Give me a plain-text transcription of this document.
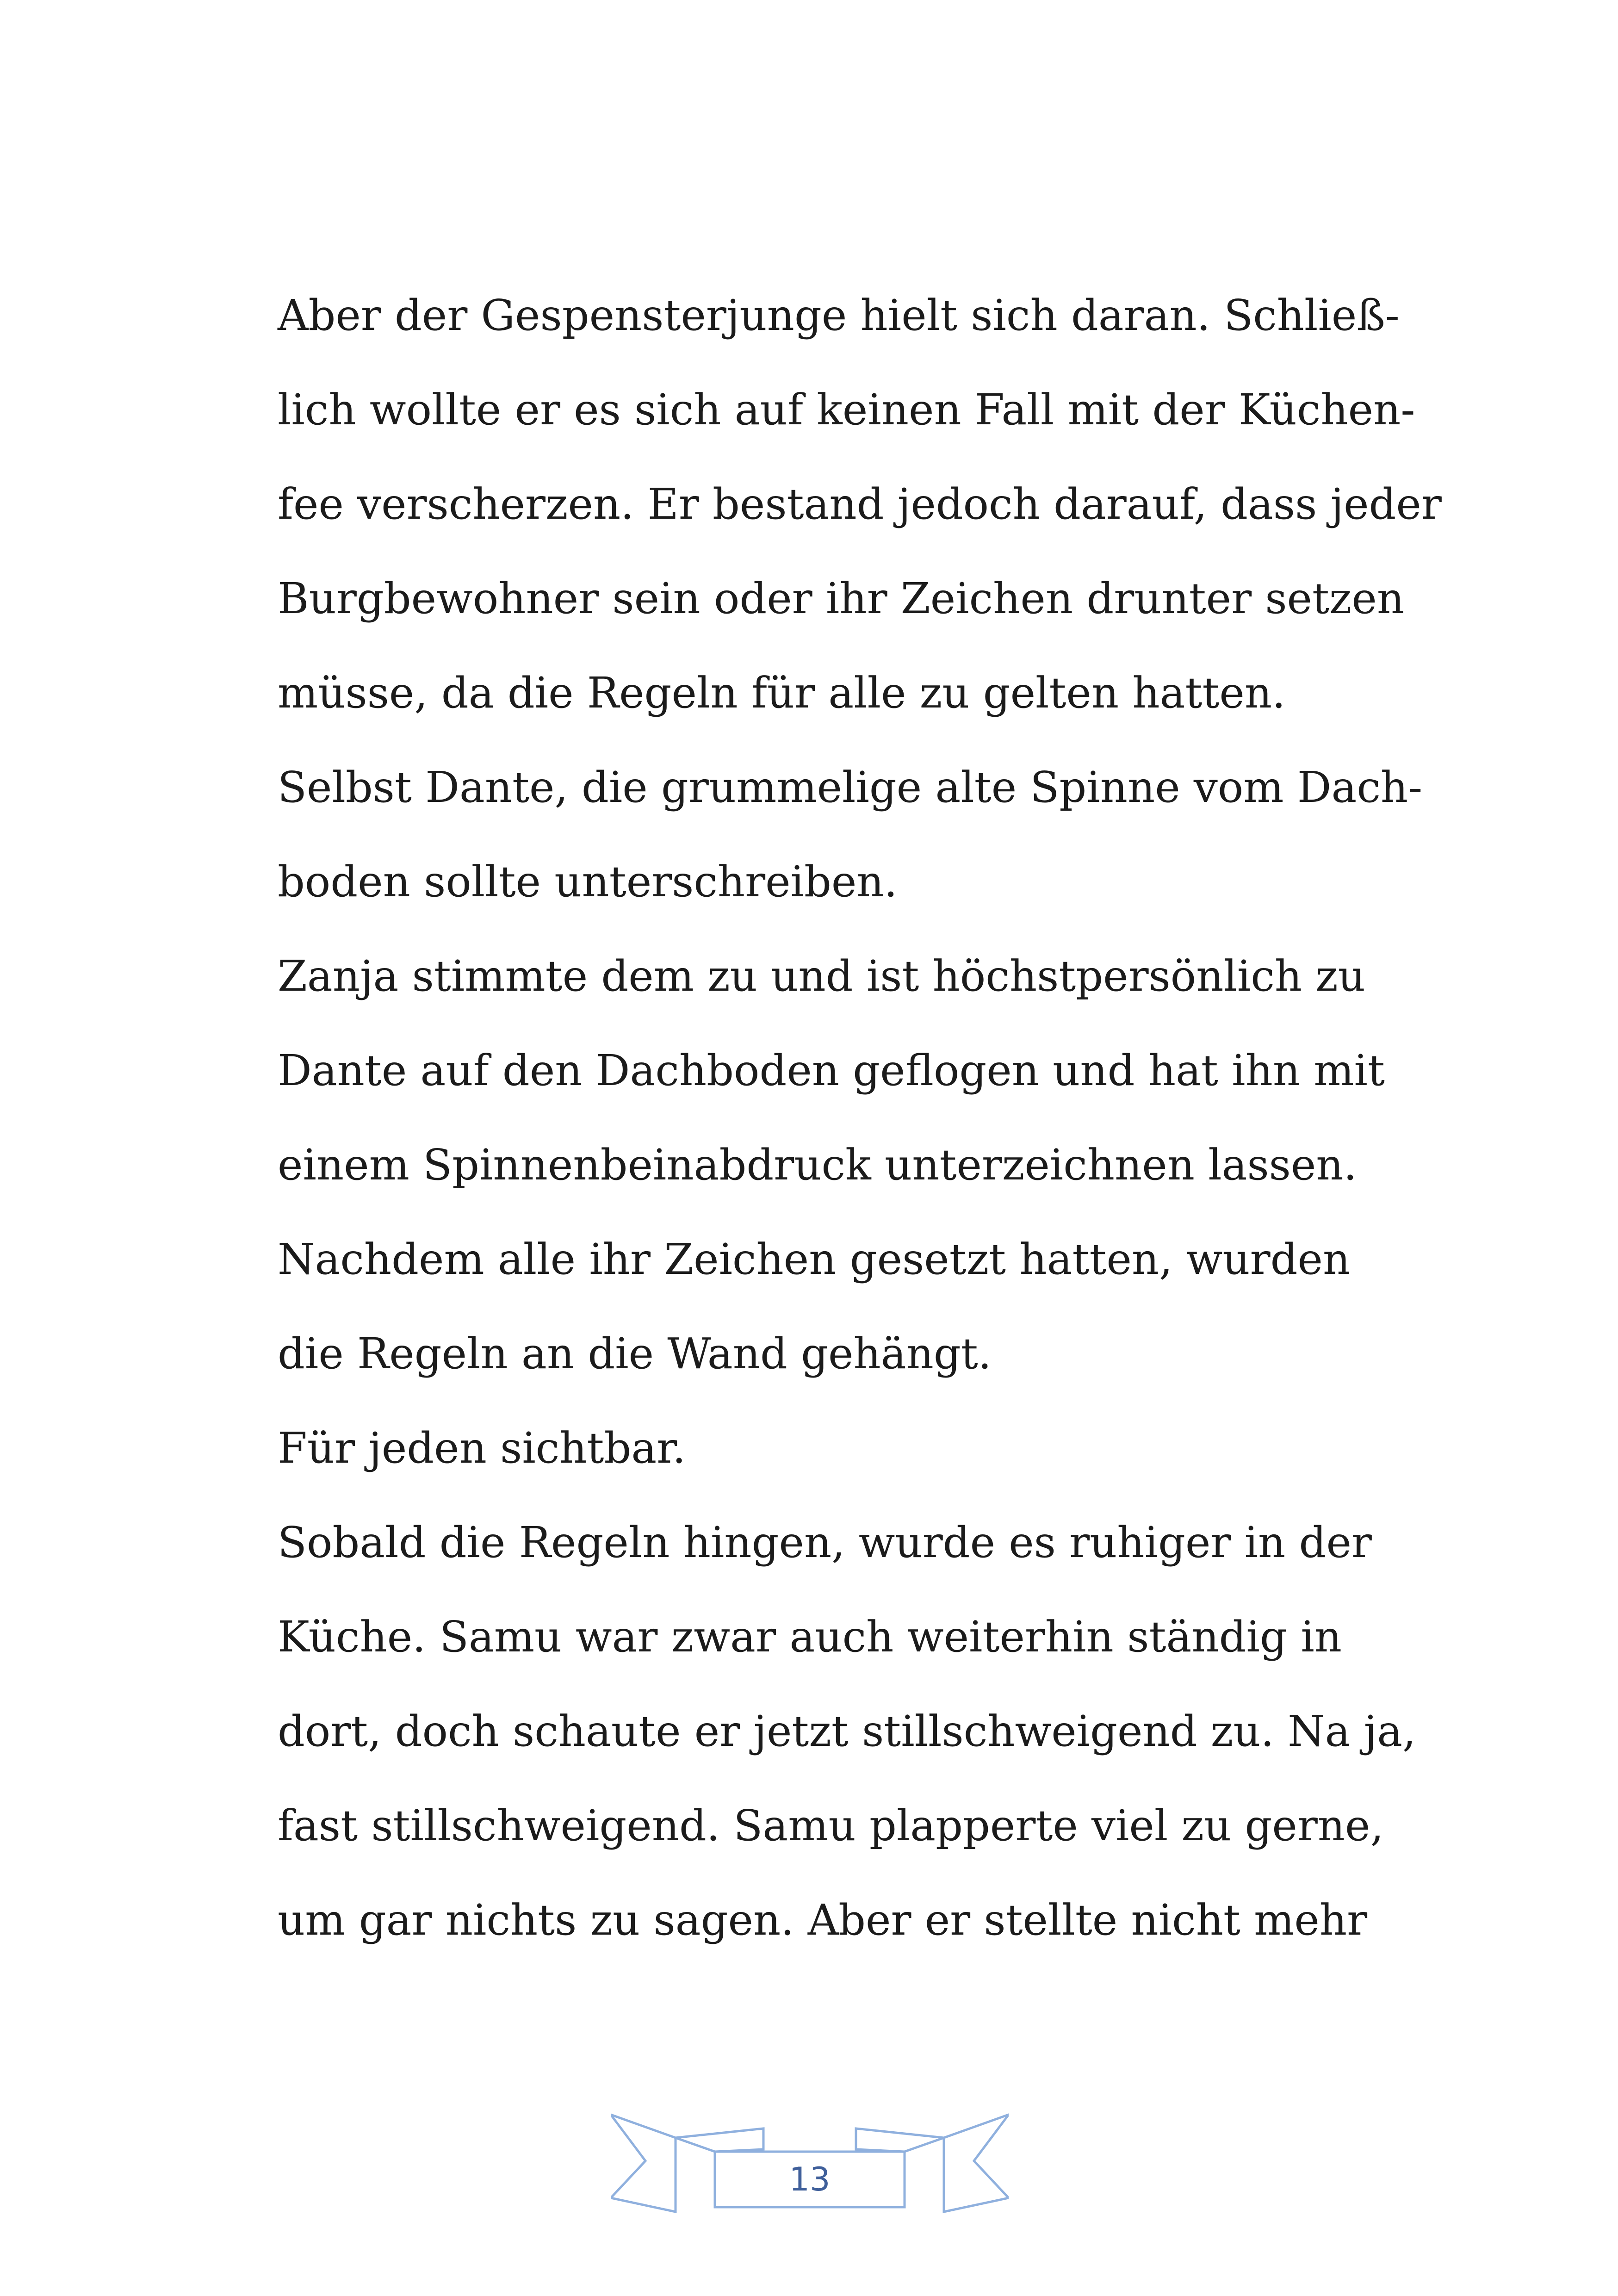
Aber der Gespensterjunge hielt sich daran. Schließ-
lich wollte er es sich auf keinen Fall mit der Küchen-
fee verscherzen. Er bestand jedoch darauf, dass jeder
Burgbewohner sein oder ihr Zeichen drunter setzen
müsse, da die Regeln für alle zu gelten hatten.
Selbst Dante, die grummelige alte Spinne vom Dach-
boden sollte unterschreiben.
Zanja stimmte dem zu und ist höchstpersönlich zu
Dante auf den Dachboden geflogen und hat ihn mit
einem Spinnenbeinabdruck unterzeichnen lassen.
Nachdem alle ihr Zeichen gesetzt hatten, wurden
die Regeln an die Wand gehängt.
Für jeden sichtbar.
Sobald die Regeln hingen, wurde es ruhiger in der
Küche. Samu war zwar auch weiterhin ständig in
dort, doch schaute er jetzt stillschweigend zu. Na ja,
fast stillschweigend. Samu plapperte viel zu gerne,
um gar nichts zu sagen. Aber er stellte nicht mehr
13
